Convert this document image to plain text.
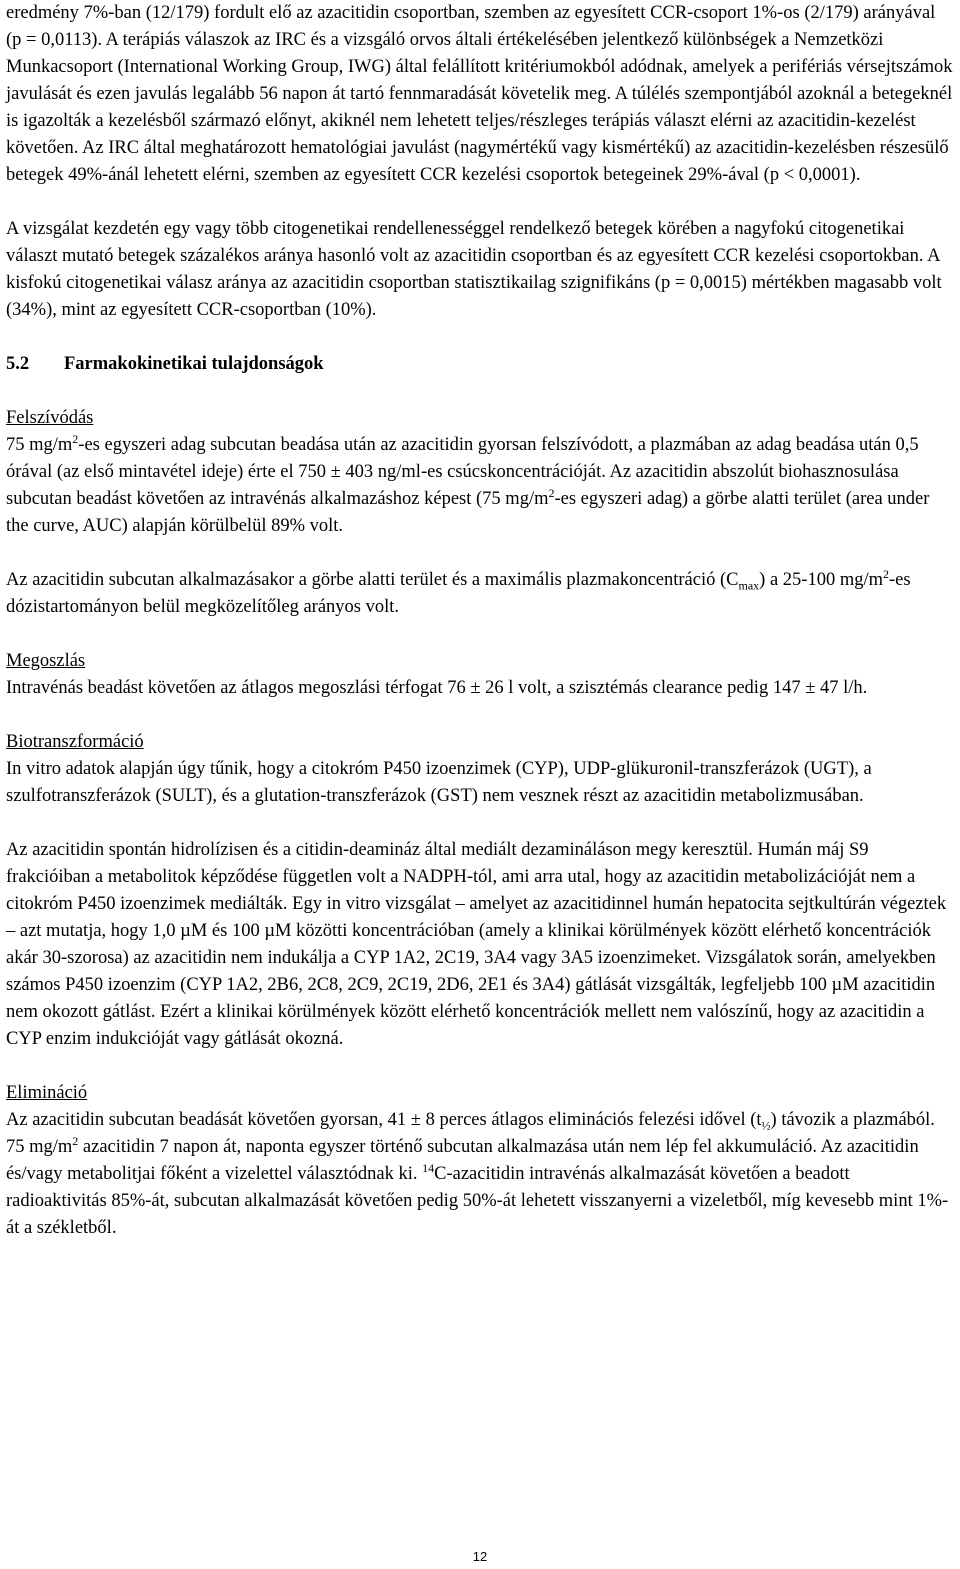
eredmény 7%-ban (12/179) fordult elő az azacitidin csoportban, szemben az egyesített CCR-csoport 1%-os (2/179) arányával (p = 0,0113). A terápiás válaszok az IRC és a vizsgáló orvos általi értékelésében jelentkező különbségek a Nemzetközi Munkacsoport (International Working Group, IWG) által felállított kritériumokból adódnak, amelyek a perifériás vérsejtszámok javulását és ezen javulás legalább 56 napon át tartó fennmaradását követelik meg. A túlélés szempontjából azoknál a betegeknél is igazolták a kezelésből származó előnyt, akiknél nem lehetett teljes/részleges terápiás választ elérni az azacitidin-kezelést követően. Az IRC által meghatározott hematológiai javulást (nagymértékű vagy kismértékű) az azacitidin-kezelésben részesülő betegek 49%-ánál lehetett elérni, szemben az egyesített CCR kezelési csoportok betegeinek 29%-ával (p < 0,0001).

A vizsgálat kezdetén egy vagy több citogenetikai rendellenességgel rendelkező betegek körében a nagyfokú citogenetikai választ mutató betegek százalékos aránya hasonló volt az azacitidin csoportban és az egyesített CCR kezelési csoportokban. A kisfokú citogenetikai válasz aránya az azacitidin csoportban statisztikailag szignifikáns (p = 0,0015) mértékben magasabb volt (34%), mint az egyesített CCR-csoportban (10%).

5.2 Farmakokinetikai tulajdonságok

Felszívódás

75 $mg/m^2-es$ egyszeri adag subcutan beadása után az azacitidin gyorsan felszívódott, a plazmában az adag beadása után 0,5 órával (az első mintavétel ideje) érte el 750 ± 403 ng/ml-es csúcskoncentrációját. Az azacitidin abszolút biohasznosulása subcutan beadást követően az intravénás alkalmazáshoz képest (75 $mg/m^2-es$ egyszeri adag) a görbe alatti terület (area under the curve, AUC) alapján körülbelül 89% volt.

Az azacitidin subcutan alkalmazásakor a görbe alatti terület és a maximális plazmakoncentráció $(C_{max})$ a 25-100 $mg/m^2-es$ dózistartományon belül megközelítőleg arányos volt.

Megoszlás

Intravénás beadást követően az átlagos megoszlási térfogat 76 ± 26 l volt, a szisztémás clearance pedig 147 ± 47 l/h.

Biotranszformáció

In vitro adatok alapján úgy tűnik, hogy a citokróm P450 izoenzimek (CYP), UDP-glükuronil-transzferázok (UGT), a szulfotranszferázok (SULT), és a glutation-transzferázok (GST) nem vesznek részt az azacitidin metabolizmusában.

Az azacitidin spontán hidrolízisen és a citidin-deamináz által mediált dezamináláson megy keresztül. Humán máj S9 frakcióiban a metabolitok képződése független volt a NADPH-tól, ami arra utal, hogy az azacitidin metabolizációját nem a citokróm P450 izoenzimek mediálták. Egy in vitro vizsgálat – amelyet az azacitidinnel humán hepatocita sejtkultúrán végeztek – azt mutatja, hogy 1,0 µM és 100 µM közötti koncentrációban (amely a klinikai körülmények között elérhető koncentrációk akár 30-szorosa) az azacitidin nem indukálja a CYP 1A2, 2C19, 3A4 vagy 3A5 izoenzimeket. Vizsgálatok során, amelyekben számos P450 izoenzim (CYP 1A2, 2B6, 2C8, 2C9, 2C19, 2D6, 2E1 és 3A4) gátlását vizsgálták, legfeljebb 100 µM azacitidin nem okozott gátlást. Ezért a klinikai körülmények között elérhető koncentrációk mellett nem valószínű, hogy az azacitidin a CYP enzim indukcióját vagy gátlását okozná.

Elimináció

Az azacitidin subcutan beadását követően gyorsan, 41 ± 8 perces átlagos eliminációs felezési idővel $(t_{\frac{1}{2}})$ távozik a plazmából. 75 $mg/m^2$ azacitidin 7 napon át, naponta egyszer történő subcutan alkalmazása után nem lép fel akkumuláció. Az azacitidin és/vagy metabolitjai főként a vizelettel választódnak ki. $^{14}$C-azacitidin intravénás alkalmazását követően a beadott radioaktivitás 85%-át, subcutan alkalmazását követően pedig 50%-át lehetett visszanyerni a vizeletből, míg kevesebb mint 1%-át a székletből.

12
